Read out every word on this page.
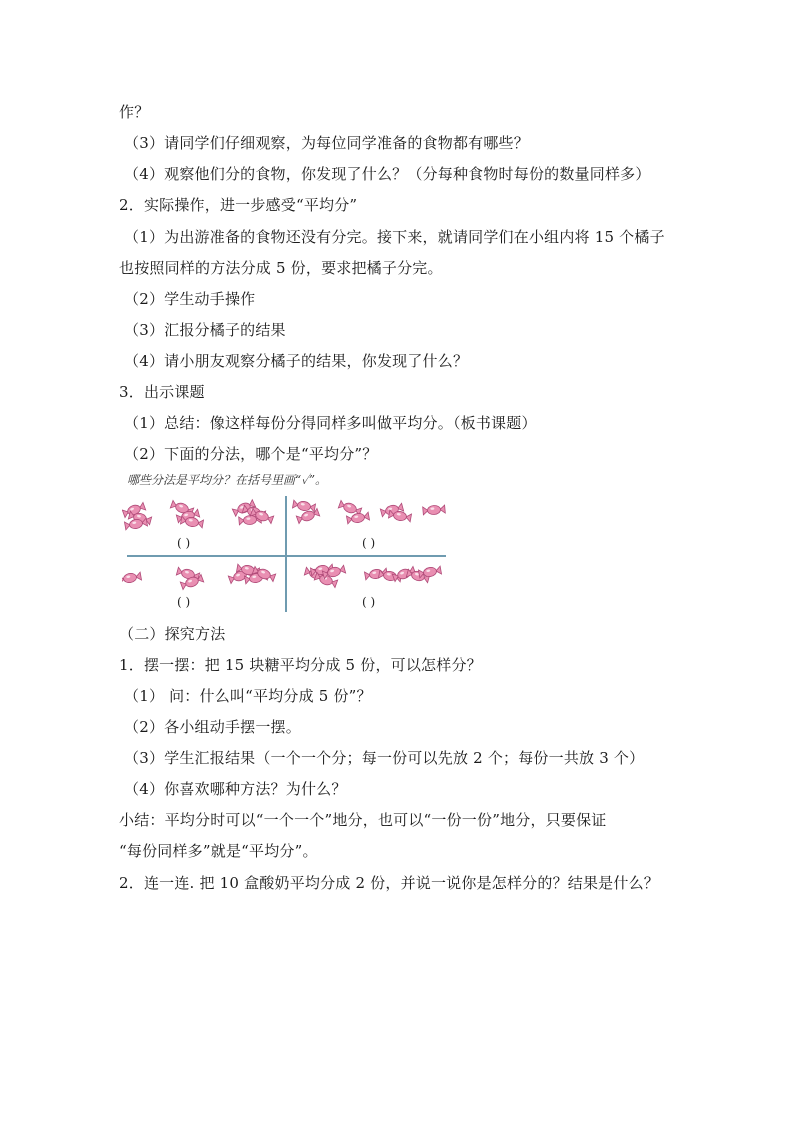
作？
（3）请同学们仔细观察，为每位同学准备的食物都有哪些？
（4）观察他们分的食物，你发现了什么？（分每种食物时每份的数量同样多）
2．实际操作，进一步感受“平均分”
（1）为出游准备的食物还没有分完。接下来，就请同学们在小组内将 15 个橘子
也按照同样的方法分成 5 份，要求把橘子分完。
（2）学生动手操作
（3）汇报分橘子的结果
（4）请小朋友观察分橘子的结果，你发现了什么？
3．出示课题
（1）总结：像这样每份分得同样多叫做平均分。（板书课题）
（2）下面的分法，哪个是“平均分”？
哪些分法是平均分？在括号里画“✓”。
( )	( )
( )	( )
（二）探究方法
1．摆一摆：把 15 块糖平均分成 5 份，可以怎样分？
（1） 问：什么叫“平均分成 5 份”？
（2）各小组动手摆一摆。
（3）学生汇报结果（一个一个分；每一份可以先放 2 个；每份一共放 3 个）
（4）你喜欢哪种方法？为什么？
小结：平均分时可以“一个一个”地分，也可以“一份一份”地分，只要保证
“每份同样多”就是“平均分”。
2．连一连. 把 10 盒酸奶平均分成 2 份，并说一说你是怎样分的？结果是什么？
